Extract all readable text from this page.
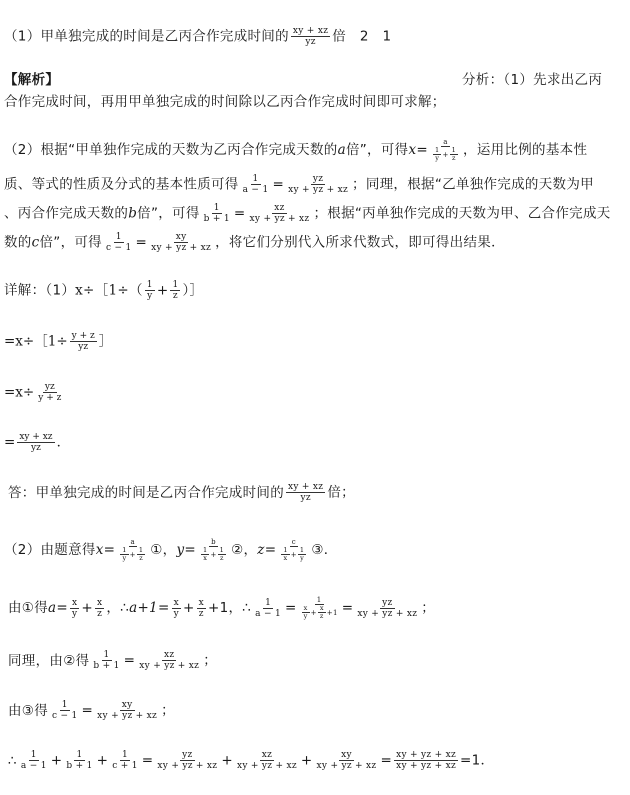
（1）甲单独完成的时间是乙丙合作完成时间的 $\frac{xy + xz}{yz}$ 倍　2　1
【解析】	分析：（1）先求出乙丙
合作完成时间，再用甲单独完成的时间除以乙丙合作完成时间即可求解；
（2）根据“甲单独作完成的天数为乙丙合作完成天数的a倍”，可得$x= \frac{a}{\frac{1}{y} + \frac{1}{z}}$ ，运用比例的基本性
质、等式的性质及分式的基本性质可得 $\frac{1}{a - 1} = \frac{yz}{xy + yz + xz}$ ；同理，根据“乙单独作完成的天数为甲
、丙合作完成天数的b倍”，可得 $\frac{1}{b + 1} = \frac{xz}{xy + yz + xz}$ ；根据“丙单独作完成的天数为甲、乙合作完成天
数的c倍”，可得 $\frac{1}{c - 1} = \frac{xy}{xy + yz + xz}$ ，将它们分别代入所求代数式，即可得出结果．
详解：（1）x÷［1÷（ $\frac{1}{y} + \frac{1}{z}$ ）］
=x÷［1÷ $\frac{y + z}{yz}$ ］
$=x\div \frac{yz}{y + z}$
= $\frac{xy + xz}{yz}$ ．
答：甲单独完成的时间是乙丙合作完成时间的 $\frac{xy + xz}{yz}$ 倍；
（2）由题意得$x= \frac{a}{\frac{1}{y} + \frac{1}{z}}$ ①，$y= \frac{b}{\frac{1}{x} + \frac{1}{z}}$ ②，$z= \frac{c}{\frac{1}{x} + \frac{1}{y}}$ ③．
由①得$a= \frac{x}{y} + \frac{x}{z}$ ，∴a+1= $\frac{x}{y} + \frac{x}{z} +1$，∴ $\frac{1}{a - 1} = \frac{1}{\frac{x}{y} + \frac{x}{z} +1} = \frac{yz}{xy + yz + xz}$ ；
同理，由②得 $\frac{1}{b + 1} = \frac{xz}{xy + yz + xz}$ ；
由③得 $\frac{1}{c - 1} = \frac{xy}{xy + yz + xz}$ ；
∴ $\frac{1}{a - 1} + \frac{1}{b + 1} + \frac{1}{c + 1} = \frac{yz}{xy + yz + xz} + \frac{xz}{xy + yz + xz} + \frac{xy}{xy + yz + xz} = \frac{xy + yz + xz}{xy + yz + xz} =1$．
